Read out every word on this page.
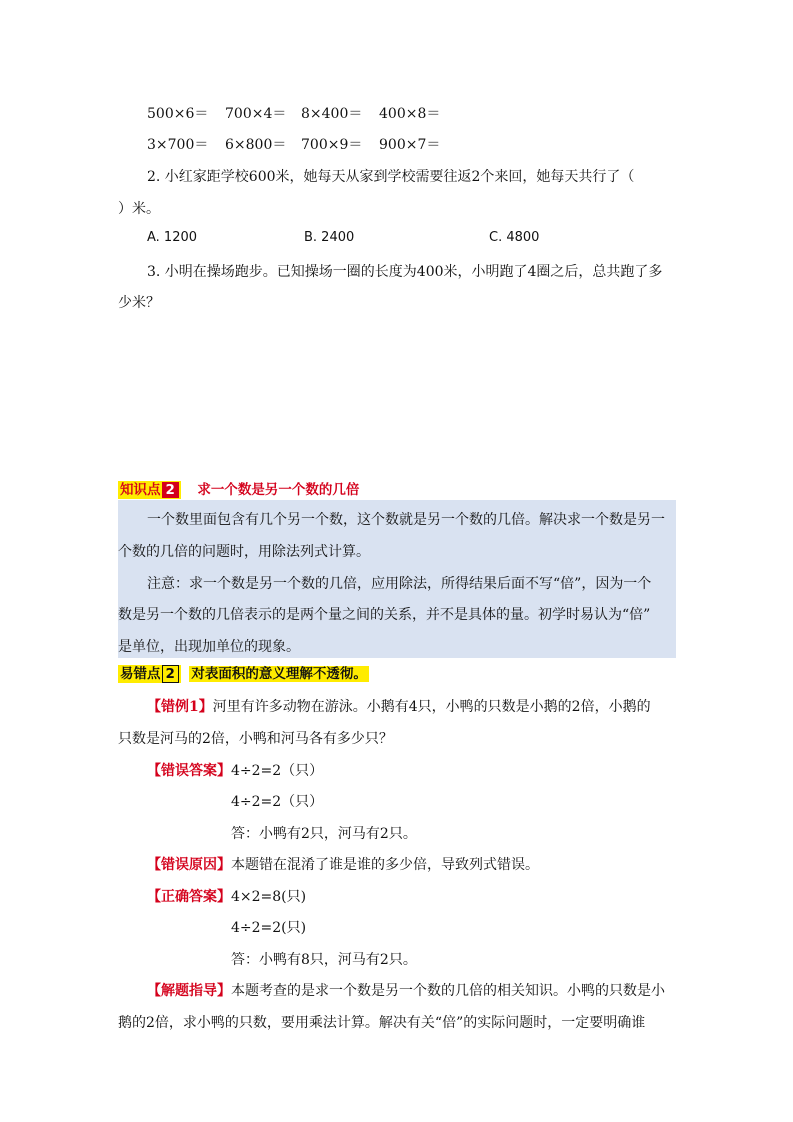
500×6＝ 700×4＝ 8×400＝ 400×8＝
3×700＝ 6×800＝ 700×9＝ 900×7＝
2. 小红家距学校600米，她每天从家到学校需要往返2个来回，她每天共行了（
）米。
A. 1200	B. 2400	C. 4800
3. 小明在操场跑步。已知操场一圈的长度为400米，小明跑了4圈之后，总共跑了多
少米？
知识点 2 求一个数是另一个数的几倍
一个数里面包含有几个另一个数，这个数就是另一个数的几倍。解决求一个数是另一
个数的几倍的问题时，用除法列式计算。
注意：求一个数是另一个数的几倍，应用除法，所得结果后面不写“倍”，因为一个
数是另一个数的几倍表示的是两个量之间的关系，并不是具体的量。初学时易认为“倍”
是单位，出现加单位的现象。
易错点 2 对表面积的意义理解不透彻。
【错例1】河里有许多动物在游泳。小鹅有4只，小鸭的只数是小鹅的2倍，小鹅的
只数是河马的2倍，小鸭和河马各有多少只？
【错误答案】4÷2=2（只）
4÷2=2（只）
答：小鸭有2只，河马有2只。
【错误原因】本题错在混淆了谁是谁的多少倍，导致列式错误。
【正确答案】4×2=8(只)
4÷2=2(只)
答：小鸭有8只，河马有2只。
【解题指导】本题考查的是求一个数是另一个数的几倍的相关知识。小鸭的只数是小
鹅的2倍，求小鸭的只数，要用乘法计算。解决有关“倍”的实际问题时，一定要明确谁
